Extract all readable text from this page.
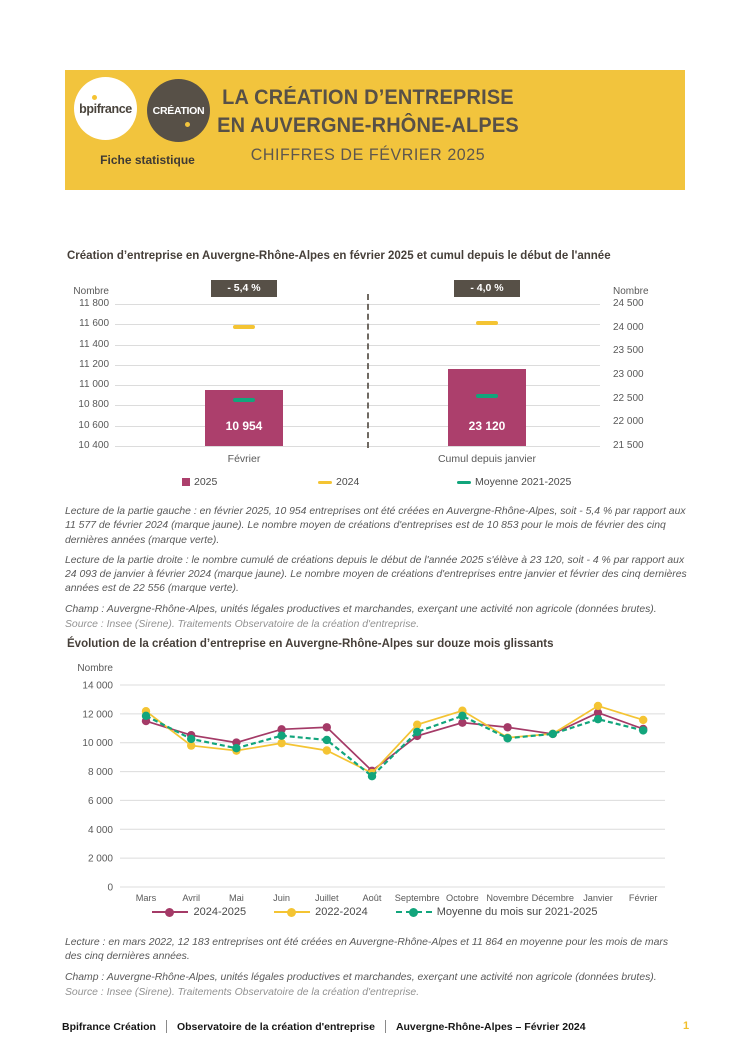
bpifrance CRÉATION
Fiche statistique
LA CRÉATION D’ENTREPRISE
EN AUVERGNE-RHÔNE-ALPES
CHIFFRES DE FÉVRIER 2025
Création d’entreprise en Auvergne-Rhône-Alpes en février 2025 et cumul depuis le début de l'année
11 800
11 600
11 400
11 200
11 000
10 800
10 600
10 400
24 500
24 000
23 500
23 000
22 500
22 000
21 500
Nombre	Nombre
10 954
- 5,4 %
Février
23 120
- 4,0 %
Cumul depuis janvier
2025	2024	Moyenne 2021-2025

Lecture de la partie gauche : en février 2025, 10 954 entreprises ont été créées en Auvergne-Rhône-Alpes, soit - 5,4 % par rapport aux 11 577 de février 2024 (marque jaune). Le nombre moyen de créations d'entreprises est de 10 853 pour le mois de février des cinq dernières années (marque verte).

Lecture de la partie droite : le nombre cumulé de créations depuis le début de l'année 2025 s'élève à 23 120, soit - 4 % par rapport aux 24 093 de janvier à février 2024 (marque jaune). Le nombre moyen de créations d'entreprises entre janvier et février des cinq dernières années est de 22 556 (marque verte).

Champ : Auvergne-Rhône-Alpes, unités légales productives et marchandes, exerçant une activité non agricole (données brutes).

Source : Insee (Sirene). Traitements Observatoire de la création d'entreprise.

Évolution de la création d’entreprise en Auvergne-Rhône-Alpes sur douze mois glissants
Nombre
0
2 000
4 000
6 000
8 000
10 000
12 000
14 000
Mars	Avril	Mai	Juin	Juillet	Août Septembre Octobre Novembre Décembre Janvier Février
2024-2025	2022-2024	Moyenne du mois sur 2021-2025

Lecture : en mars 2022, 12 183 entreprises ont été créées en Auvergne-Rhône-Alpes et 11 864 en moyenne pour les mois de mars des cinq dernières années.

Champ : Auvergne-Rhône-Alpes, unités légales productives et marchandes, exerçant une activité non agricole (données brutes).

Source : Insee (Sirene). Traitements Observatoire de la création d'entreprise.

Bpifrance Création Observatoire de la création d'entreprise Auvergne-Rhône-Alpes – Février 2024	1
